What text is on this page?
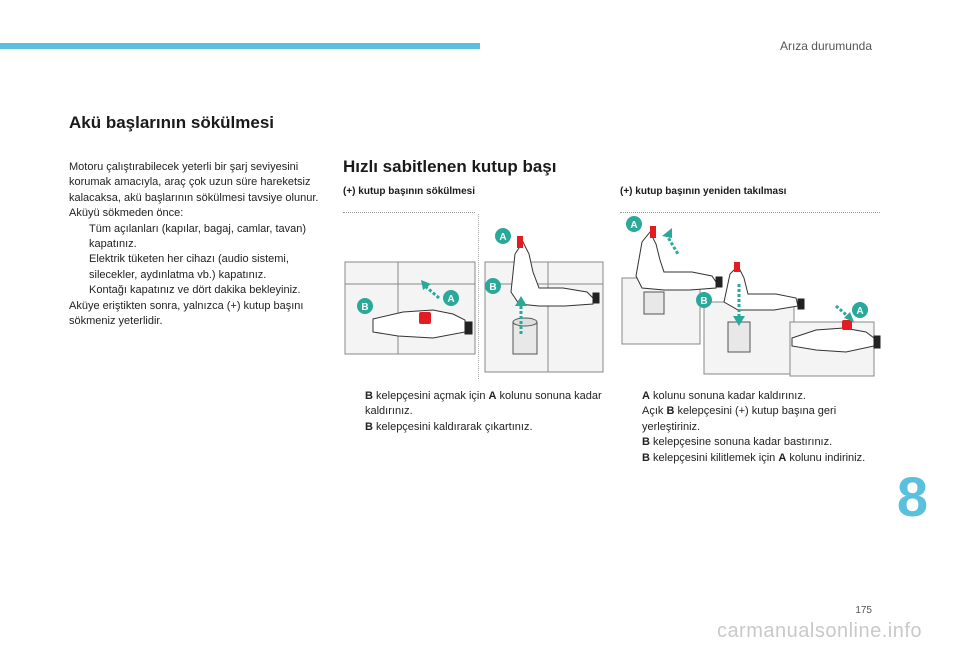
Arıza durumunda
Akü başlarının sökülmesi

Motoru çalıştırabilecek yeterli bir şarj seviyesini korumak amacıyla, araç çok uzun süre hareketsiz kalacaksa, akü başlarının sökülmesi tavsiye olunur.

Aküyü sökmeden önce:

Tüm açılanları (kapılar, bagaj, camlar, tavan) kapatınız.
Elektrik tüketen her cihazı (audio sistemi, silecekler, aydınlatma vb.) kapatınız.
Kontağı kapatınız ve dört dakika bekleyiniz.

Aküye eriştikten sonra, yalnızca (+) kutup başını sökmeniz yeterlidir.

Hızlı sabitlenen kutup başı
(+) kutup başının sökülmesi	(+) kutup başının yeniden takılması
A
B
A
B
A
B
A
B kelepçesini açmak için A kolunu sonuna kadar kaldırınız.
B kelepçesini kaldırarak çıkartınız.
A kolunu sonuna kadar kaldırınız.
Açık B kelepçesini (+) kutup başına geri yerleştiriniz.
B kelepçesine sonuna kadar bastırınız.
B kelepçesini kilitlemek için A kolunu indiriniz.
8
175
carmanualsonline.info
